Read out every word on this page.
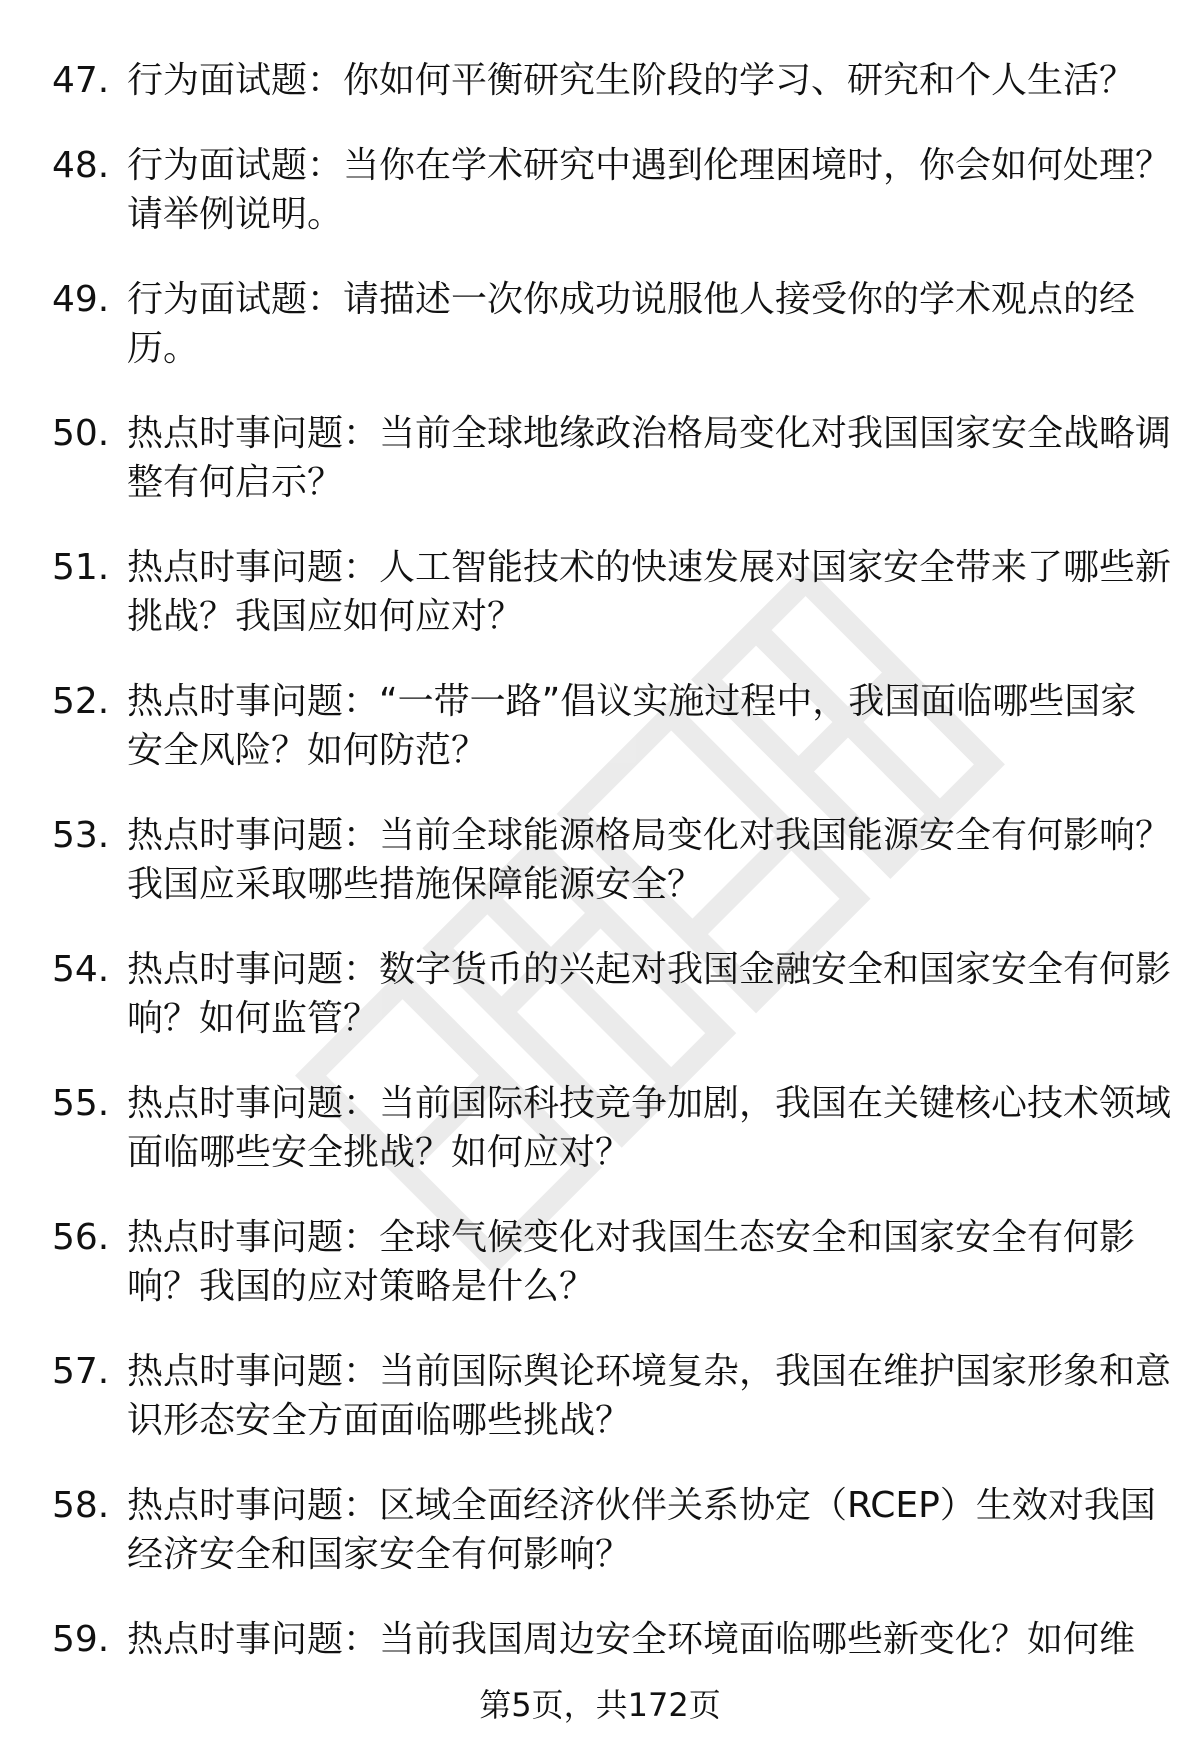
47. 行为面试题：你如何平衡研究生阶段的学习、研究和个人生活？
48. 行为面试题：当你在学术研究中遇到伦理困境时，你会如何处理？请举例说明。
49. 行为面试题：请描述一次你成功说服他人接受你的学术观点的经历。
50. 热点时事问题：当前全球地缘政治格局变化对我国国家安全战略调整有何启示？
51. 热点时事问题：人工智能技术的快速发展对国家安全带来了哪些新挑战？我国应如何应对？
52. 热点时事问题：“一带一路”倡议实施过程中，我国面临哪些国家安全风险？如何防范？
53. 热点时事问题：当前全球能源格局变化对我国能源安全有何影响？我国应采取哪些措施保障能源安全？
54. 热点时事问题：数字货币的兴起对我国金融安全和国家安全有何影响？如何监管？
55. 热点时事问题：当前国际科技竞争加剧，我国在关键核心技术领域面临哪些安全挑战？如何应对？
56. 热点时事问题：全球气候变化对我国生态安全和国家安全有何影响？我国的应对策略是什么？
57. 热点时事问题：当前国际舆论环境复杂，我国在维护国家形象和意识形态安全方面面临哪些挑战？
58. 热点时事问题：区域全面经济伙伴关系协定（RCEP）生效对我国经济安全和国家安全有何影响？
59. 热点时事问题：当前我国周边安全环境面临哪些新变化？如何维
第5页，共172页
